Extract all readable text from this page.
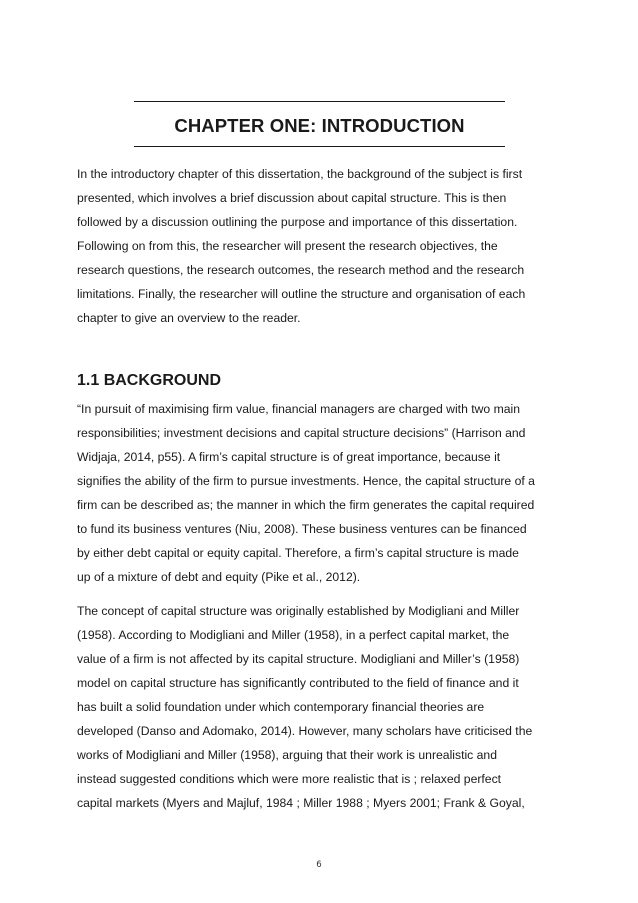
CHAPTER ONE: INTRODUCTION
In the introductory chapter of this dissertation, the background of the subject is first
presented, which involves a brief discussion about capital structure. This is then
followed by a discussion outlining the purpose and importance of this dissertation.
Following on from this, the researcher will present the research objectives, the
research questions, the research outcomes, the research method and the research
limitations. Finally, the researcher will outline the structure and organisation of each
chapter to give an overview to the reader.
1.1 BACKGROUND
“In pursuit of maximising firm value, financial managers are charged with two main
responsibilities; investment decisions and capital structure decisions” (Harrison and
Widjaja, 2014, p55). A firm’s capital structure is of great importance, because it
signifies the ability of the firm to pursue investments. Hence, the capital structure of a
firm can be described as; the manner in which the firm generates the capital required
to fund its business ventures (Niu, 2008). These business ventures can be financed
by either debt capital or equity capital. Therefore, a firm’s capital structure is made
up of a mixture of debt and equity (Pike et al., 2012).
The concept of capital structure was originally established by Modigliani and Miller
(1958). According to Modigliani and Miller (1958), in a perfect capital market, the
value of a firm is not affected by its capital structure. Modigliani and Miller’s (1958)
model on capital structure has significantly contributed to the field of finance and it
has built a solid foundation under which contemporary financial theories are
developed (Danso and Adomako, 2014). However, many scholars have criticised the
works of Modigliani and Miller (1958), arguing that their work is unrealistic and
instead suggested conditions which were more realistic that is ; relaxed perfect
capital markets (Myers and Majluf, 1984 ; Miller 1988 ; Myers 2001; Frank & Goyal,
6
